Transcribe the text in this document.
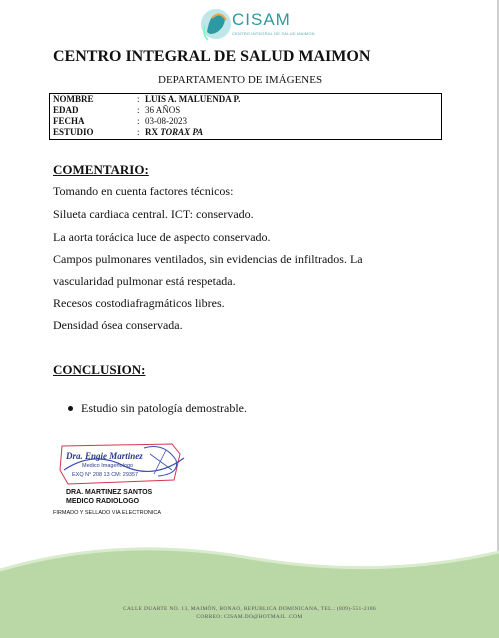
CISAM
CENTRO INTEGRAL DE SALUD MAIMON
CENTRO INTEGRAL DE SALUD MAIMON
DEPARTAMENTO DE IMÁGENES
NOMBRE	: LUIS A. MALUENDA P.
EDAD	: 36 AÑOS
FECHA	: 03-08-2023
ESTUDIO	: RX TORAX PA
COMENTARIO:
Tomando en cuenta factores técnicos:
Silueta cardiaca central. ICT: conservado.
La aorta torácica luce de aspecto conservado.
Campos pulmonares ventilados, sin evidencias de infiltrados. La
vascularidad pulmonar está respetada.
Recesos costodiafragmáticos libres.
Densidad ósea conservada.
CONCLUSION:
Estudio sin patología demostrable.
Dra. Engie Martinez
Medico Imagenologo
EXQ N° 208 13 CM: 29357
DRA. MARTINEZ SANTOS
MEDICO RADIOLOGO
FIRMADO Y SELLADO VIA ELECTRONICA
CALLE DUARTE NO. 13, MAIMÓN, BONAO, REPUBLICA DOMINICANA, TEL.: (809)-551-2186
CORREO: CISAM.DO@HOTMAIL .COM
